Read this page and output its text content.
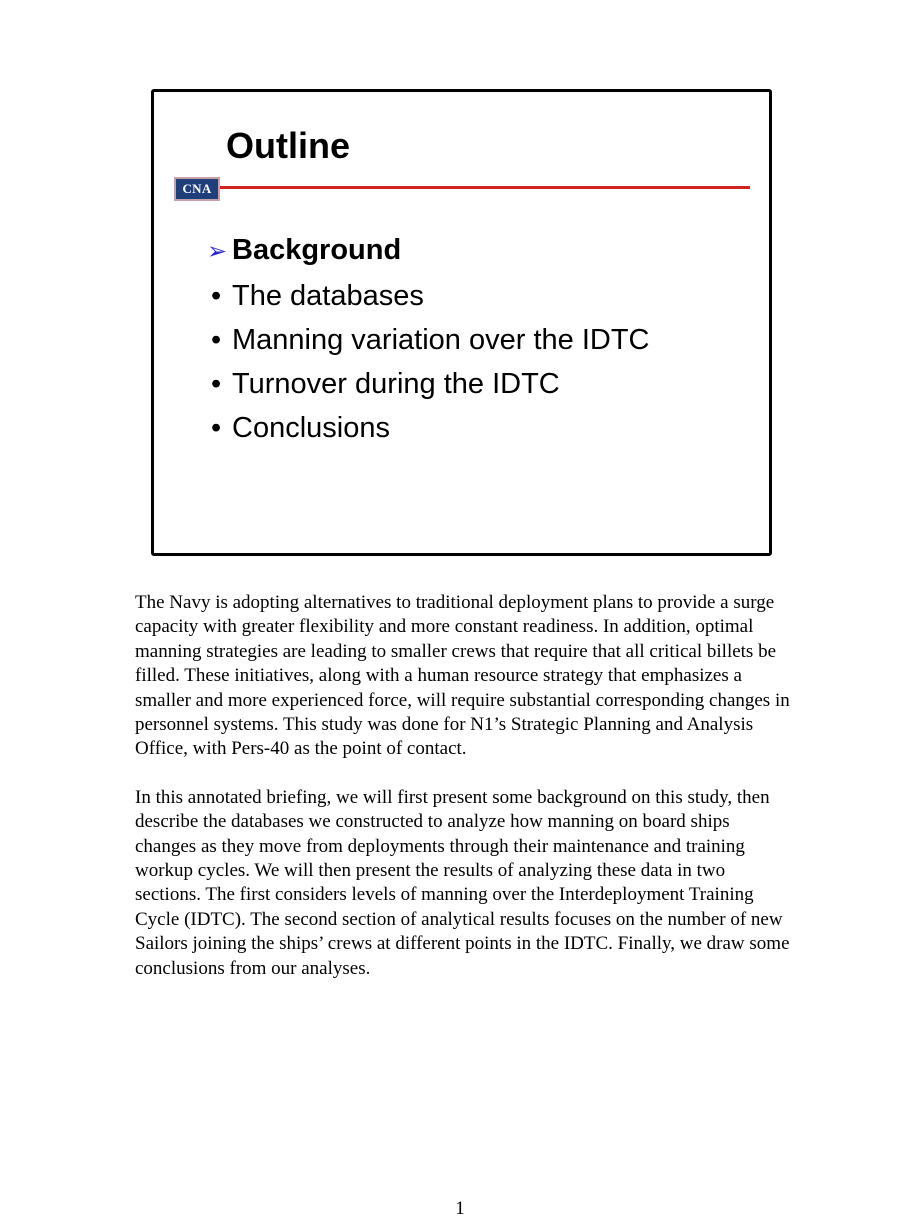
Outline
CNA
➢ Background
• The databases
• Manning variation over the IDTC
• Turnover during the IDTC
• Conclusions

The Navy is adopting alternatives to traditional deployment plans to provide a surge capacity with greater flexibility and more constant readiness. In addition, optimal manning strategies are leading to smaller crews that require that all critical billets be filled. These initiatives, along with a human resource strategy that emphasizes a smaller and more experienced force, will require substantial corresponding changes in personnel systems. This study was done for N1’s Strategic Planning and Analysis Office, with Pers-40 as the point of contact.

In this annotated briefing, we will first present some background on this study, then describe the databases we constructed to analyze how manning on board ships changes as they move from deployments through their maintenance and training workup cycles. We will then present the results of analyzing these data in two sections. The first considers levels of manning over the Interdeployment Training Cycle (IDTC). The second section of analytical results focuses on the number of new Sailors joining the ships’ crews at different points in the IDTC. Finally, we draw some conclusions from our analyses.

1
